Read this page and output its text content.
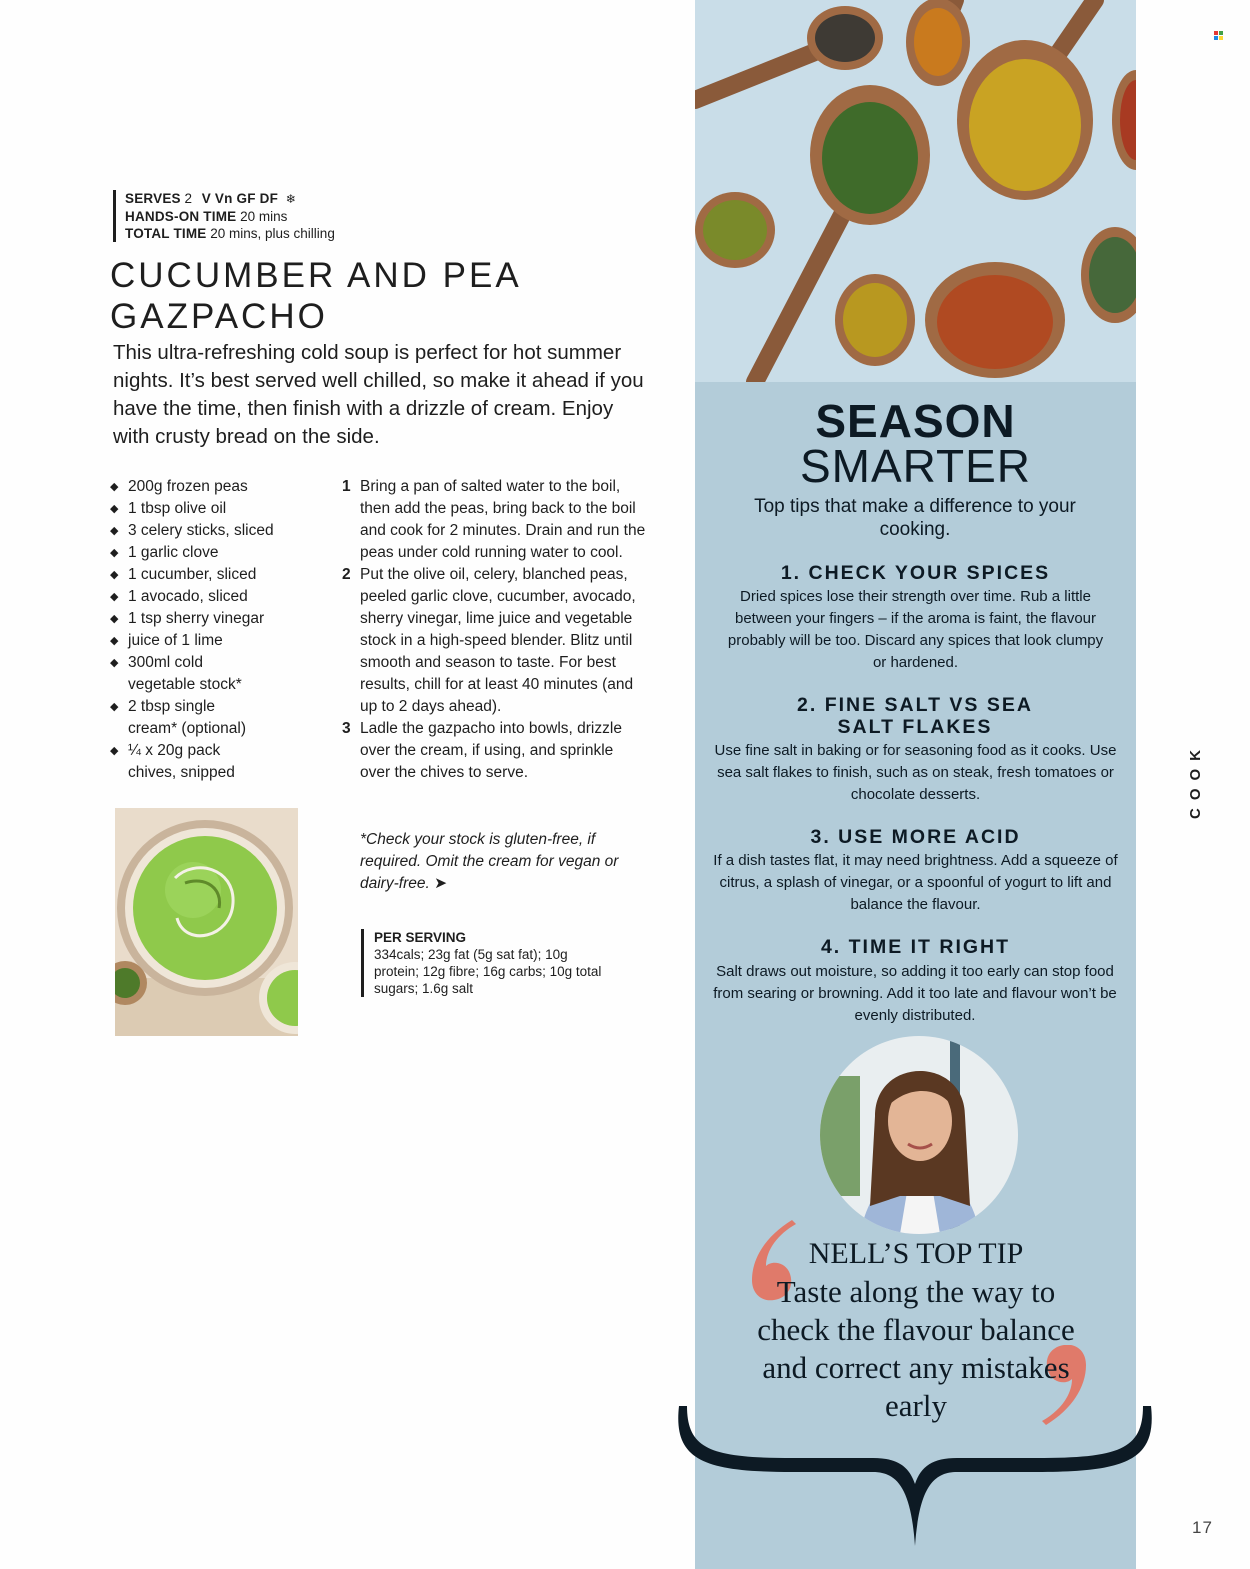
SERVES 2 V Vn GF DF ❄
HANDS-ON TIME 20 mins
TOTAL TIME 20 mins, plus chilling
CUCUMBER AND PEA
GAZPACHO
This ultra-refreshing cold soup is perfect for hot summer nights. It’s best served well chilled, so make it ahead if you have the time, then finish with a drizzle of cream. Enjoy with crusty bread on the side.
◆ 200g frozen peas
◆ 1 tbsp olive oil
◆ 3 celery sticks, sliced
◆ 1 garlic clove
◆ 1 cucumber, sliced
◆ 1 avocado, sliced
◆ 1 tsp sherry vinegar
◆ juice of 1 lime
◆ 300ml cold vegetable stock*
◆ 2 tbsp single cream* (optional)
◆ ¼ x 20g pack chives, snipped
1 Bring a pan of salted water to the boil, then add the peas, bring back to the boil and cook for 2 minutes. Drain and run the peas under cold running water to cool.
2 Put the olive oil, celery, blanched peas, peeled garlic clove, cucumber, avocado, sherry vinegar, lime juice and vegetable stock in a high-speed blender. Blitz until smooth and season to taste. For best results, chill for at least 40 minutes (and up to 2 days ahead).
3 Ladle the gazpacho into bowls, drizzle over the cream, if using, and sprinkle over the chives to serve.
*Check your stock is gluten-free, if required. Omit the cream for vegan or dairy-free. ➤
PER SERVING
334cals; 23g fat (5g sat fat); 10g protein; 12g fibre; 16g carbs; 10g total sugars; 1.6g salt
SEASON
SMARTER
Top tips that make a difference to your cooking.
1. CHECK YOUR SPICES
Dried spices lose their strength over time. Rub a little between your fingers – if the aroma is faint, the flavour probably will be too. Discard any spices that look clumpy or hardened.
2. FINE SALT VS SEA SALT FLAKES
Use fine salt in baking or for seasoning food as it cooks. Use sea salt flakes to finish, such as on steak, fresh tomatoes or chocolate desserts.
3. USE MORE ACID
If a dish tastes flat, it may need brightness. Add a squeeze of citrus, a splash of vinegar, or a spoonful of yogurt to lift and balance the flavour.
4. TIME IT RIGHT
Salt draws out moisture, so adding it too early can stop food from searing or browning. Add it too late and flavour won’t be evenly distributed.
NELL’S TOP TIP
Taste along the way to check the flavour balance and correct any mistakes early
COOK
17
